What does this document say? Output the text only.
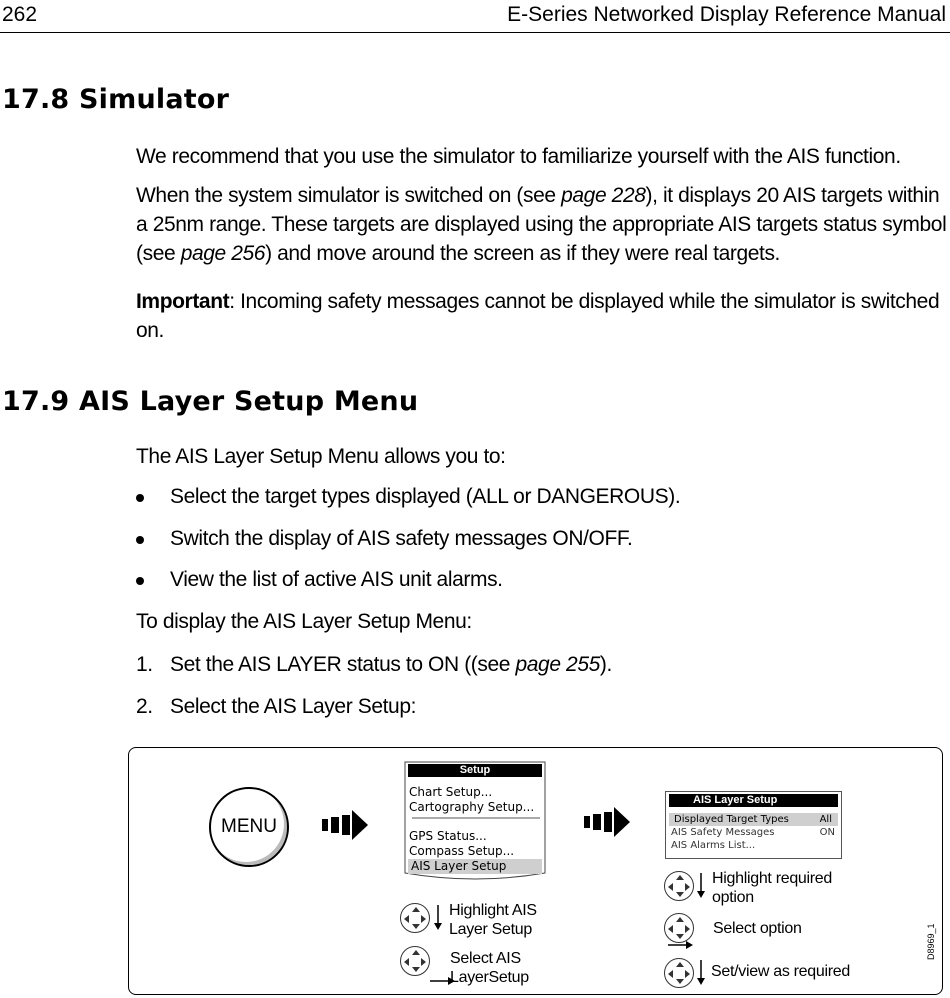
262	E-Series Networked Display Reference Manual
17.8 Simulator
We recommend that you use the simulator to familiarize yourself with the AIS function.
When the system simulator is switched on (see page 228), it displays 20 AIS targets within a 25nm range. These targets are displayed using the appropriate AIS targets status symbol (see page 256) and move around the screen as if they were real targets.
Important: Incoming safety messages cannot be displayed while the simulator is switched on.
17.9 AIS Layer Setup Menu
The AIS Layer Setup Menu allows you to:
Select the target types displayed (ALL or DANGEROUS).
Switch the display of AIS safety messages ON/OFF.
View the list of active AIS unit alarms.
To display the AIS Layer Setup Menu:
1. Set the AIS LAYER status to ON ((see page 255).
2. Select the AIS Layer Setup:
MENU
Setup
Chart Setup...
Cartography Setup...
GPS Status...
Compass Setup...
AIS Layer Setup
AIS Layer Setup
Displayed Target Types	All
AIS Safety Messages	ON
AIS Alarms List...
Highlight AIS Layer Setup
Select AIS LayerSetup
Highlight required option
Select option
Set/view as required
D8969_1
